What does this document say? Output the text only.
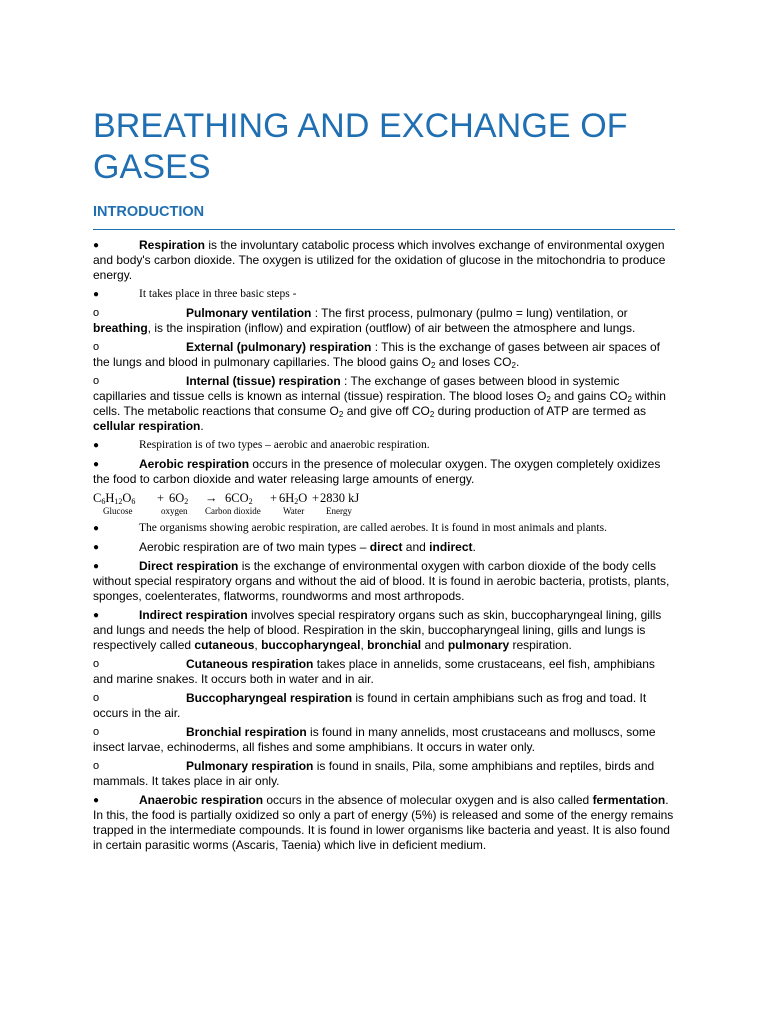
BREATHING AND EXCHANGE OF GASES
INTRODUCTION

●	Respiration is the involuntary catabolic process which involves exchange of environmental oxygen and body's carbon dioxide. The oxygen is utilized for the oxidation of glucose in the mitochondria to produce energy.

●	It takes place in three basic steps -

o	Pulmonary ventilation : The first process, pulmonary (pulmo = lung) ventilation, or breathing, is the inspiration (inflow) and expiration (outflow) of air between the atmosphere and lungs.

o	External (pulmonary) respiration : This is the exchange of gases between air spaces of the lungs and blood in pulmonary capillaries. The blood gains $O_2$ and loses $CO_2$.

o	Internal (tissue) respiration : The exchange of gases between blood in systemic capillaries and tissue cells is known as internal (tissue) respiration. The blood loses $O_2$ and gains $CO_2$ within cells. The metabolic reactions that consume $O_2$ and give off $CO_2$ during production of ATP are termed as cellular respiration.

●	Respiration is of two types – aerobic and anaerobic respiration.

●	Aerobic respiration occurs in the presence of molecular oxygen. The oxygen completely oxidizes the food to carbon dioxide and water releasing large amounts of energy.

$C_6H_{12}O_6 + 6O_2 \to 6CO_2 + 6H_2O + 2830$ kJ
Glucose	oxygen Carbon dioxide Water Energy

●	The organisms showing aerobic respiration, are called aerobes. It is found in most animals and plants.

●	Aerobic respiration are of two main types – direct and indirect.

●	Direct respiration is the exchange of environmental oxygen with carbon dioxide of the body cells without special respiratory organs and without the aid of blood. It is found in aerobic bacteria, protists, plants, sponges, coelenterates, flatworms, roundworms and most arthropods.

●	Indirect respiration involves special respiratory organs such as skin, buccopharyngeal lining, gills and lungs and needs the help of blood. Respiration in the skin, buccopharyngeal lining, gills and lungs is respectively called cutaneous, buccopharyngeal, bronchial and pulmonary respiration.

o	Cutaneous respiration takes place in annelids, some crustaceans, eel fish, amphibians and marine snakes. It occurs both in water and in air.

o	Buccopharyngeal respiration is found in certain amphibians such as frog and toad. It occurs in the air.

o	Bronchial respiration is found in many annelids, most crustaceans and molluscs, some insect larvae, echinoderms, all fishes and some amphibians. It occurs in water only.

o	Pulmonary respiration is found in snails, Pila, some amphibians and reptiles, birds and mammals. It takes place in air only.

●	Anaerobic respiration occurs in the absence of molecular oxygen and is also called fermentation. In this, the food is partially oxidized so only a part of energy (5%) is released and some of the energy remains trapped in the intermediate compounds. It is found in lower organisms like bacteria and yeast. It is also found in certain parasitic worms (Ascaris, Taenia) which live in deficient medium.
